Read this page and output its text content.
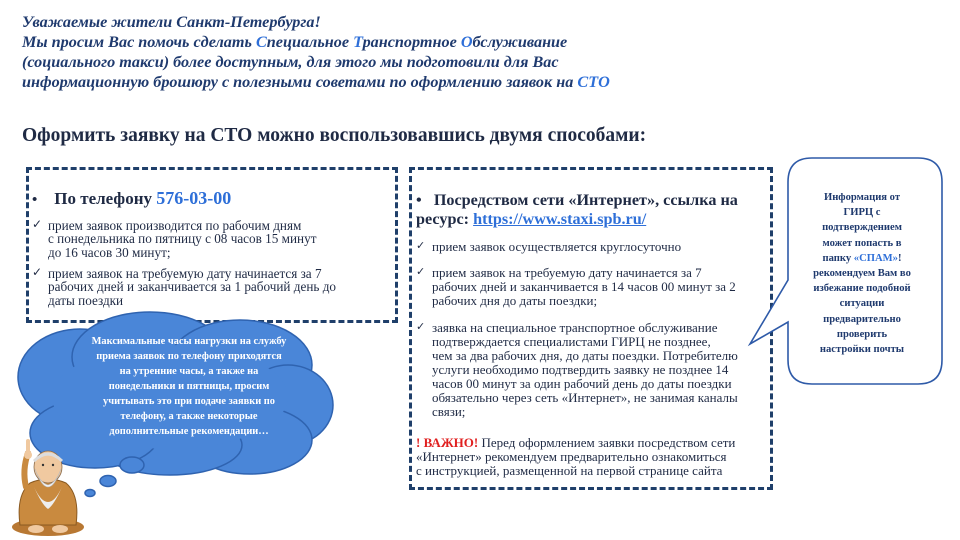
Уважаемые жители Санкт-Петербурга!
Мы просим Вас помочь сделать Специальное Транспортное Обслуживание
(социального такси) более доступным, для этого мы подготовили для Вас
информационную брошюру с полезными советами по оформлению заявок на СТО
Оформить заявку на СТО можно воспользовавшись двумя способами:
• По телефону 576-03-00
✓ прием заявок производится по рабочим дням
с понедельника по пятницу с 08 часов 15 минут
до 16 часов 30 минут;
✓ прием заявок на требуемую дату начинается за 7
рабочих дней и заканчивается за 1 рабочий день до
даты поездки
• Посредством сети «Интернет», ссылка на ресурс: https://www.staxi.spb.ru/
✓ прием заявок осуществляется круглосуточно
✓ прием заявок на требуемую дату начинается за 7
рабочих дней и заканчивается в 14 часов 00 минут за 2
рабочих дня до даты поездки;
✓ заявка на специальное транспортное обслуживание
подтверждается специалистами ГИРЦ не позднее,
чем за два рабочих дня, до даты поездки. Потребителю
услуги необходимо подтвердить заявку не позднее 14
часов 00 минут за один рабочий день до даты поездки
обязательно через сеть «Интернет», не занимая каналы
связи;
! ВАЖНО! Перед оформлением заявки посредством сети
«Интернет» рекомендуем предварительно ознакомиться
с инструкцией, размещенной на первой странице сайта
Максимальные часы нагрузки на службу
приема заявок по телефону приходятся
на утренние часы, а также на
понедельники и пятницы, просим
учитывать это при подаче заявки по
телефону, а также некоторые
дополнительные рекомендации…
Информация от
ГИРЦ с
подтверждением
может попасть в
папку «СПАМ»!
рекомендуем Вам во
избежание подобной
ситуации
предварительно
проверить
настройки почты
